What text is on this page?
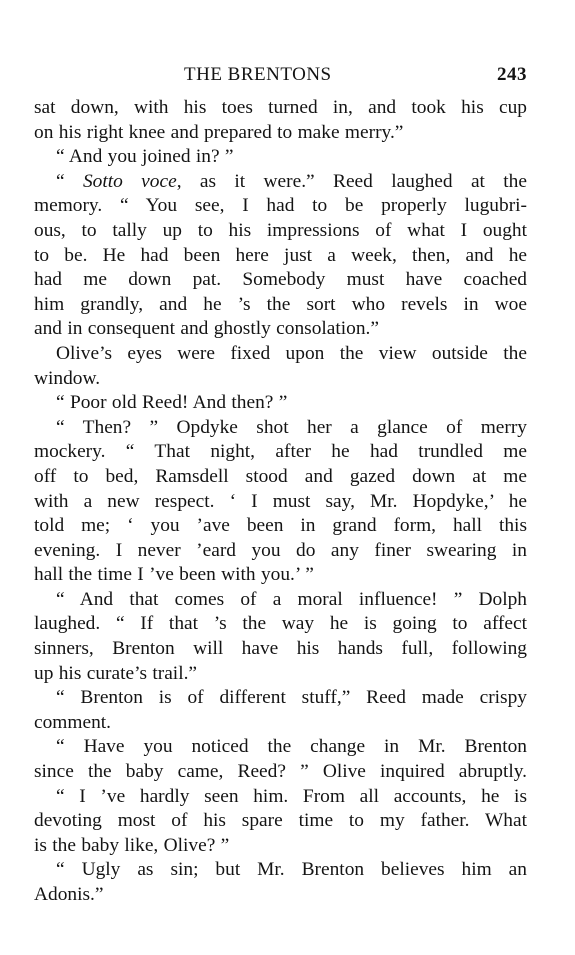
THE BRENTONS	243
sat down, with his toes turned in, and took his cup
on his right knee and prepared to make merry.”
“ And you joined in? ”
“ Sotto voce, as it were.” Reed laughed at the
memory. “ You see, I had to be properly lugubri-
ous, to tally up to his impressions of what I ought
to be. He had been here just a week, then, and he
had me down pat. Somebody must have coached
him grandly, and he ’s the sort who revels in woe
and in consequent and ghostly consolation.”
Olive’s eyes were fixed upon the view outside the
window.
“ Poor old Reed! And then? ”
“ Then? ” Opdyke shot her a glance of merry
mockery. “ That night, after he had trundled me
off to bed, Ramsdell stood and gazed down at me
with a new respect. ‘ I must say, Mr. Hopdyke,’ he
told me; ‘ you ’ave been in grand form, hall this
evening. I never ’eard you do any finer swearing in
hall the time I ’ve been with you.’ ”
“ And that comes of a moral influence! ” Dolph
laughed. “ If that ’s the way he is going to affect
sinners, Brenton will have his hands full, following
up his curate’s trail.”
“ Brenton is of different stuff,” Reed made crispy
comment.
“ Have you noticed the change in Mr. Brenton
since the baby came, Reed? ” Olive inquired abruptly.
“ I ’ve hardly seen him. From all accounts, he is
devoting most of his spare time to my father. What
is the baby like, Olive? ”
“ Ugly as sin; but Mr. Brenton believes him an
Adonis.”
